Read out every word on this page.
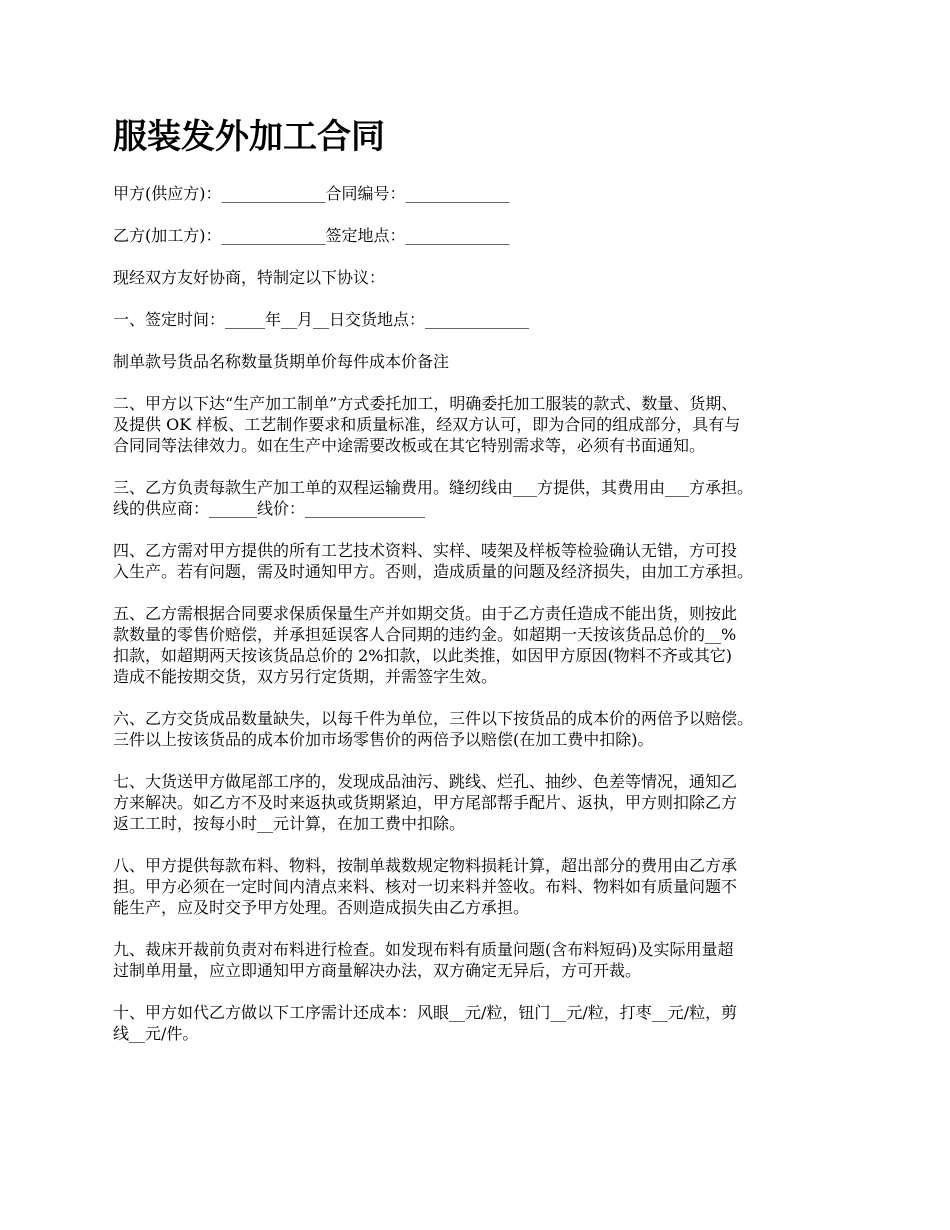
服装发外加工合同
甲方(供应方)：_____________合同编号：_____________
乙方(加工方)：_____________签定地点：_____________
现经双方友好协商，特制定以下协议：
一、签定时间：_____年__月__日交货地点：_____________
制单款号货品名称数量货期单价每件成本价备注
二、甲方以下达“生产加工制单”方式委托加工，明确委托加工服装的款式、数量、货期、
及提供 OK 样板、工艺制作要求和质量标准，经双方认可，即为合同的组成部分，具有与
合同同等法律效力。如在生产中途需要改板或在其它特别需求等，必须有书面通知。
三、乙方负责每款生产加工单的双程运输费用。缝纫线由___方提供，其费用由___方承担。
线的供应商：______线价：_______________
四、乙方需对甲方提供的所有工艺技术资料、实样、唛架及样板等检验确认无错，方可投
入生产。若有问题，需及时通知甲方。否则，造成质量的问题及经济损失，由加工方承担。
五、乙方需根据合同要求保质保量生产并如期交货。由于乙方责任造成不能出货，则按此
款数量的零售价赔偿，并承担延误客人合同期的违约金。如超期一天按该货品总价的__%
扣款，如超期两天按该货品总价的 2%扣款，以此类推，如因甲方原因(物料不齐或其它)
造成不能按期交货，双方另行定货期，并需签字生效。
六、乙方交货成品数量缺失，以每千件为单位，三件以下按货品的成本价的两倍予以赔偿。
三件以上按该货品的成本价加市场零售价的两倍予以赔偿(在加工费中扣除)。
七、大货送甲方做尾部工序的，发现成品油污、跳线、烂孔、抽纱、色差等情况，通知乙
方来解决。如乙方不及时来返执或货期紧迫，甲方尾部帮手配片、返执，甲方则扣除乙方
返工工时，按每小时__元计算，在加工费中扣除。
八、甲方提供每款布料、物料，按制单裁数规定物料损耗计算，超出部分的费用由乙方承
担。甲方必须在一定时间内清点来料、核对一切来料并签收。布料、物料如有质量问题不
能生产，应及时交予甲方处理。否则造成损失由乙方承担。
九、裁床开裁前负责对布料进行检查。如发现布料有质量问题(含布料短码)及实际用量超
过制单用量，应立即通知甲方商量解决办法，双方确定无异后，方可开裁。
十、甲方如代乙方做以下工序需计还成本：风眼__元/粒，钮门__元/粒，打枣__元/粒，剪
线__元/件。
